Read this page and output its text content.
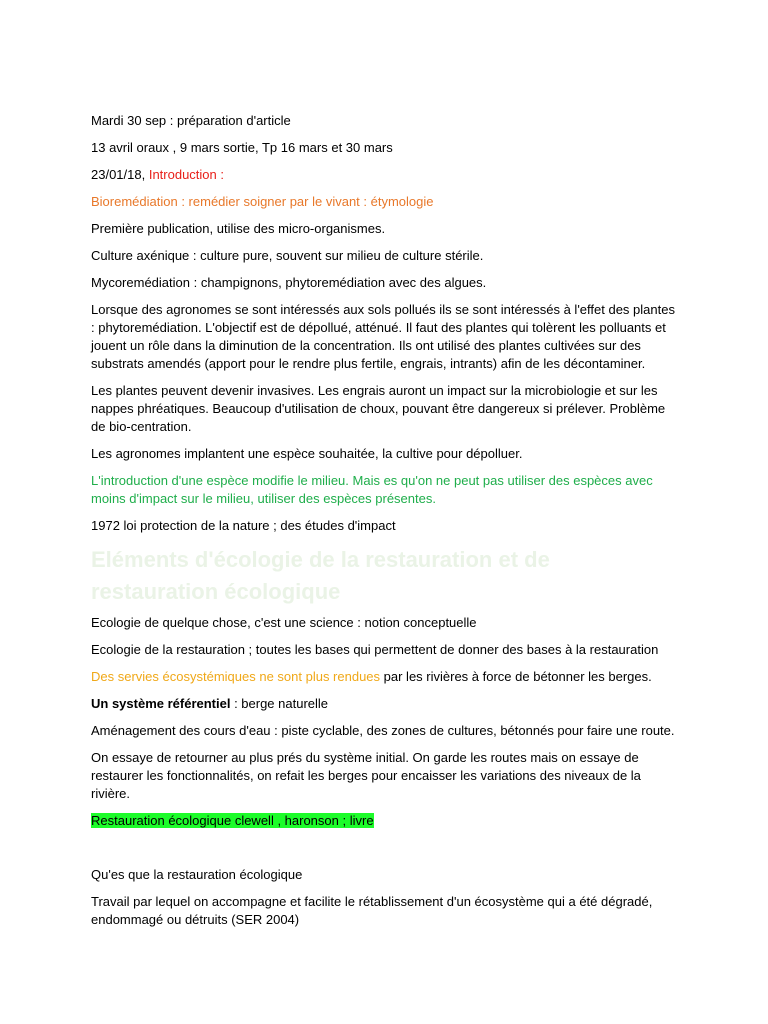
Mardi 30 sep : préparation d'article

13 avril oraux , 9 mars sortie, Tp 16 mars et 30 mars

23/01/18, Introduction :

Bioremédiation : remédier soigner par le vivant : étymologie

Première publication, utilise des micro-organismes.

Culture axénique : culture pure, souvent sur milieu de culture stérile.

Mycoremédiation : champignons, phytoremédiation avec des algues.

Lorsque des agronomes se sont intéressés aux sols pollués ils se sont intéressés à l'effet des plantes : phytoremédiation. L'objectif est de dépollué, atténué. Il faut des plantes qui tolèrent les polluants et jouent un rôle dans la diminution de la concentration. Ils ont utilisé des plantes cultivées sur des substrats amendés (apport pour le rendre plus fertile, engrais, intrants) afin de les décontaminer.

Les plantes peuvent devenir invasives. Les engrais auront un impact sur la microbiologie et sur les nappes phréatiques. Beaucoup d'utilisation de choux, pouvant être dangereux si prélever. Problème de bio-centration.

Les agronomes implantent une espèce souhaitée, la cultive pour dépolluer.

L'introduction d'une espèce modifie le milieu. Mais es qu'on ne peut pas utiliser des espèces avec moins d'impact sur le milieu, utiliser des espèces présentes.

1972 loi protection de la nature ; des études d'impact

Eléments d'écologie de la restauration et de restauration écologique

Ecologie de quelque chose, c'est une science : notion conceptuelle

Ecologie de la restauration ; toutes les bases qui permettent de donner des bases à la restauration

Des servies écosystémiques ne sont plus rendues par les rivières à force de bétonner les berges.

Un système référentiel : berge naturelle

Aménagement des cours d'eau : piste cyclable, des zones de cultures, bétonnés pour faire une route.

On essaye de retourner au plus prés du système initial. On garde les routes mais on essaye de restaurer les fonctionnalités, on refait les berges pour encaisser les variations des niveaux de la rivière.

Restauration écologique clewell , haronson ; livre

Qu'es que la restauration écologique

Travail par lequel on accompagne et facilite le rétablissement d'un écosystème qui a été dégradé, endommagé ou détruits (SER 2004)
